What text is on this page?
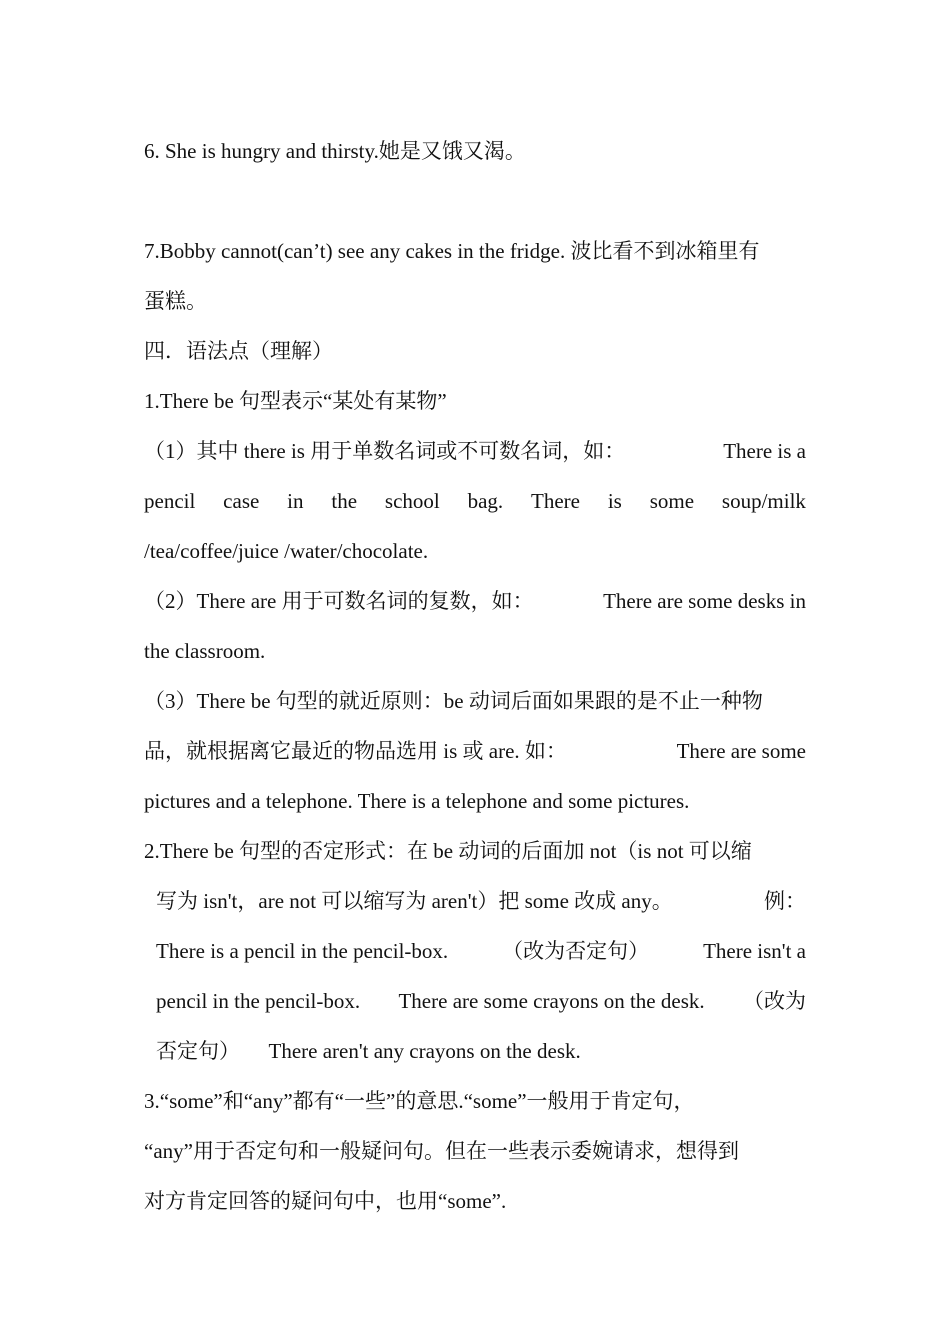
6. She is hungry and thirsty.她是又饿又渴。
7.Bobby cannot(can’t) see any cakes in the fridge. 波比看不到冰箱里有
蛋糕。
四．语法点（理解）
1.There be 句型表示“某处有某物”
（1）其中 there is 用于单数名词或不可数名词，如：	There is a
pencil case in the school bag. There is some soup/milk
/tea/coffee/juice /water/chocolate.
（2）There are 用于可数名词的复数，如：	There are some desks in
the classroom.
（3）There be 句型的就近原则：be 动词后面如果跟的是不止一种物
品，就根据离它最近的物品选用 is 或 are. 如：	There are some
pictures and a telephone. There is a telephone and some pictures.
2.There be 句型的否定形式：在 be 动词的后面加 not（is not 可以缩
写为 isn't，are not 可以缩写为 aren't）把 some 改成 any。	例：
There is a pencil in the pencil-box.	（改为否定句）	There isn't a
pencil in the pencil-box. There are some crayons on the desk. （改为
否定句） There aren't any crayons on the desk.
3.“some”和“any”都有“一些”的意思.“some”一般用于肯定句，
“any”用于否定句和一般疑问句。但在一些表示委婉请求，想得到
对方肯定回答的疑问句中，也用“some”.
